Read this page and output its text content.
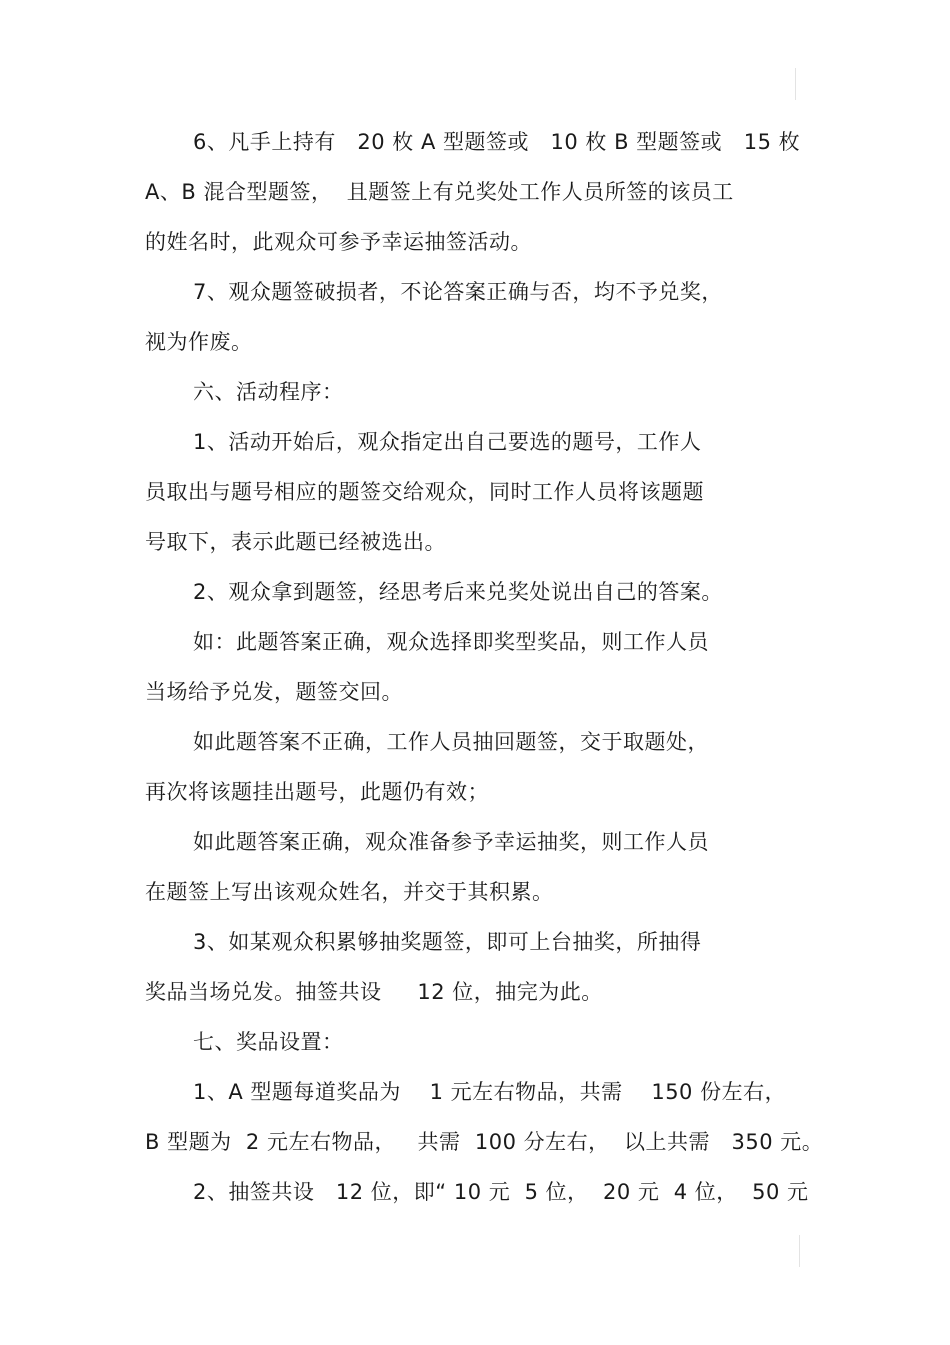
6、凡手上持有   20 枚 A 型题签或   10 枚 B 型题签或   15 枚
A、B 混合型题签，  且题签上有兑奖处工作人员所签的该员工
的姓名时，此观众可参予幸运抽签活动。
7、观众题签破损者，不论答案正确与否，均不予兑奖，
视为作废。
六、活动程序：
1、活动开始后，观众指定出自己要选的题号，工作人
员取出与题号相应的题签交给观众，同时工作人员将该题题
号取下，表示此题已经被选出。
2、观众拿到题签，经思考后来兑奖处说出自己的答案。
如：此题答案正确，观众选择即奖型奖品，则工作人员
当场给予兑发，题签交回。
如此题答案不正确，工作人员抽回题签，交于取题处，
再次将该题挂出题号，此题仍有效；
如此题答案正确，观众准备参予幸运抽奖，则工作人员
在题签上写出该观众姓名，并交于其积累。
3、如某观众积累够抽奖题签，即可上台抽奖，所抽得
奖品当场兑发。抽签共设     12 位，抽完为此。
七、奖品设置：
1、A 型题每道奖品为    1 元左右物品，共需    150 份左右，
B 型题为  2 元左右物品，   共需  100 分左右，  以上共需   350 元。
2、抽签共设   12 位，即“ 10 元  5 位，  20 元  4 位，  50 元
